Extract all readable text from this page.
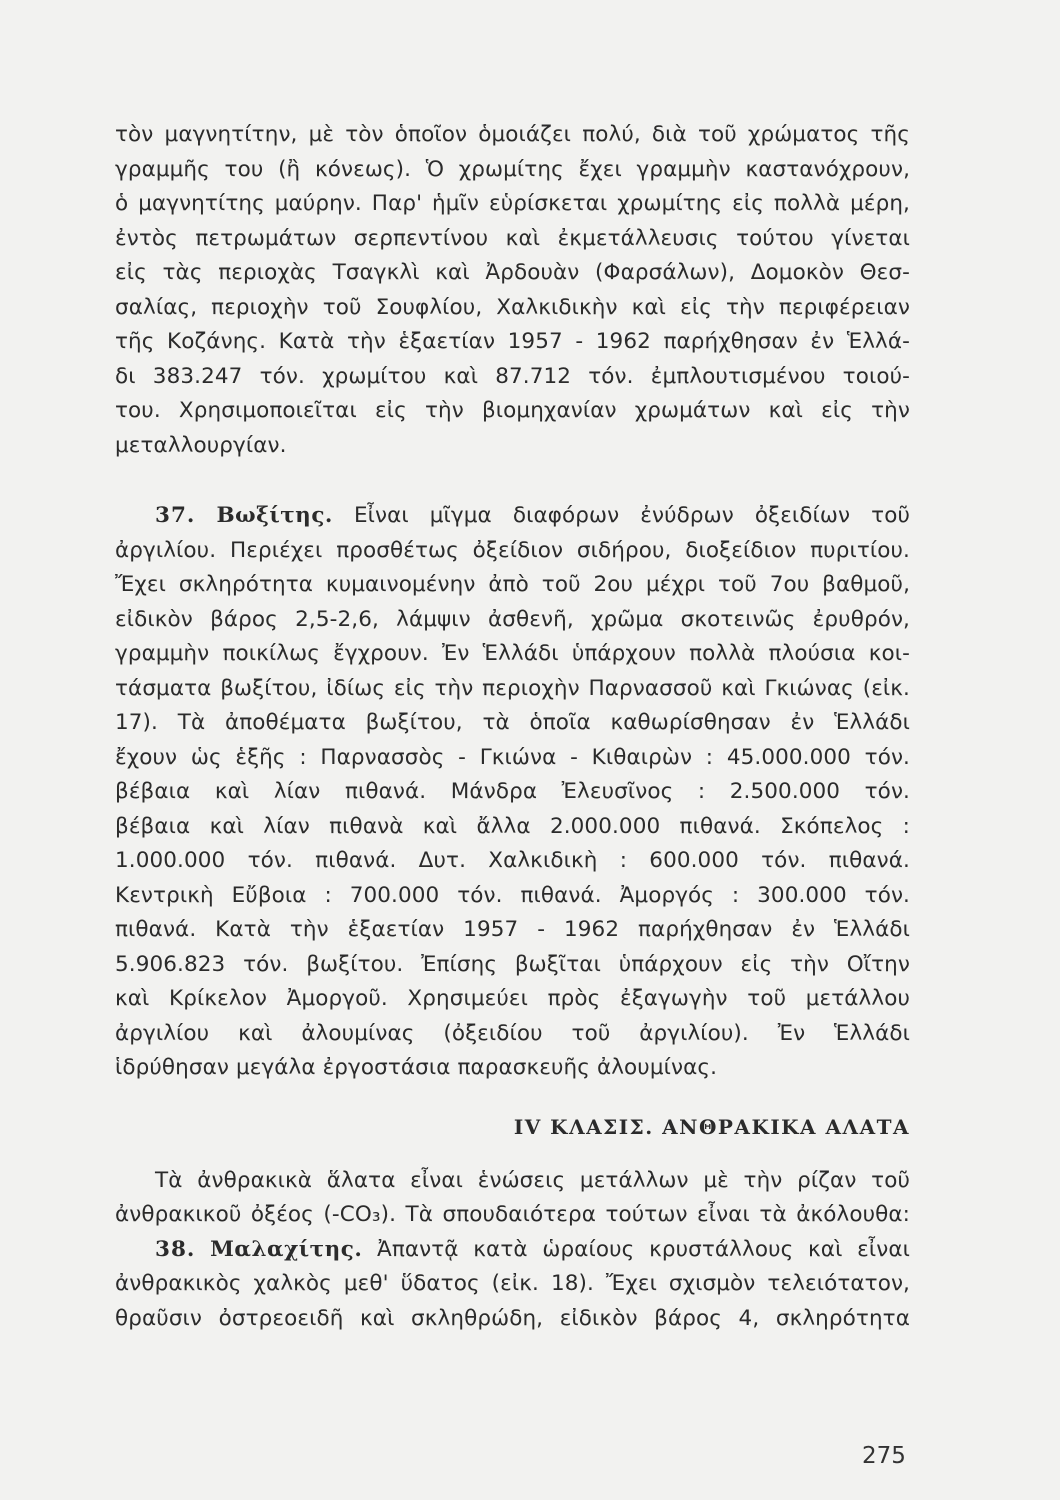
τὸν μαγνητίτην, μὲ τὸν ὁποῖον ὁμοιάζει πολύ, διὰ τοῦ χρώματος τῆς
γραμμῆς του (ἢ κόνεως). Ὁ χρωμίτης ἔχει γραμμὴν καστανόχρουν,
ὁ μαγνητίτης μαύρην. Παρ' ἡμῖν εὑρίσκεται χρωμίτης εἰς πολλὰ μέρη,
ἐντὸς πετρωμάτων σερπεντίνου καὶ ἐκμετάλλευσις τούτου γίνεται
εἰς τὰς περιοχὰς Τσαγκλὶ καὶ Ἀρδουὰν (Φαρσάλων), Δομοκὸν Θεσ-
σαλίας, περιοχὴν τοῦ Σουφλίου, Χαλκιδικὴν καὶ εἰς τὴν περιφέρειαν
τῆς Κοζάνης. Κατὰ τὴν ἑξαετίαν 1957 - 1962 παρήχθησαν ἐν Ἑλλά-
δι 383.247 τόν. χρωμίτου καὶ 87.712 τόν. ἐμπλουτισμένου τοιού-
του. Χρησιμοποιεῖται εἰς τὴν βιομηχανίαν χρωμάτων καὶ εἰς τὴν
μεταλλουργίαν.
37. Βωξίτης. Εἶναι μῖγμα διαφόρων ἐνύδρων ὀξειδίων τοῦ
ἀργιλίου. Περιέχει προσθέτως ὀξείδιον σιδήρου, διοξείδιον πυριτίου.
Ἔχει σκληρότητα κυμαινομένην ἀπὸ τοῦ 2ου μέχρι τοῦ 7ου βαθμοῦ,
εἰδικὸν βάρος 2,5-2,6, λάμψιν ἀσθενῆ, χρῶμα σκοτεινῶς ἐρυθρόν,
γραμμὴν ποικίλως ἔγχρουν. Ἐν Ἑλλάδι ὑπάρχουν πολλὰ πλούσια κοι-
τάσματα βωξίτου, ἰδίως εἰς τὴν περιοχὴν Παρνασσοῦ καὶ Γκιώνας (εἰκ.
17). Τὰ ἀποθέματα βωξίτου, τὰ ὁποῖα καθωρίσθησαν ἐν Ἑλλάδι
ἔχουν ὡς ἑξῆς : Παρνασσὸς - Γκιώνα - Κιθαιρὼν : 45.000.000 τόν.
βέβαια καὶ λίαν πιθανά. Μάνδρα Ἐλευσῖνος : 2.500.000 τόν.
βέβαια καὶ λίαν πιθανὰ καὶ ἄλλα 2.000.000 πιθανά. Σκόπελος :
1.000.000 τόν. πιθανά. Δυτ. Χαλκιδικὴ : 600.000 τόν. πιθανά.
Κεντρικὴ Εὔβοια : 700.000 τόν. πιθανά. Ἀμοργός : 300.000 τόν.
πιθανά. Κατὰ τὴν ἑξαετίαν 1957 - 1962 παρήχθησαν ἐν Ἑλλάδι
5.906.823 τόν. βωξίτου. Ἐπίσης βωξῖται ὑπάρχουν εἰς τὴν Οἴτην
καὶ Κρίκελον Ἀμοργοῦ. Χρησιμεύει πρὸς ἐξαγωγὴν τοῦ μετάλλου
ἀργιλίου καὶ ἀλουμίνας (ὀξειδίου τοῦ ἀργιλίου). Ἐν Ἑλλάδι
ἱδρύθησαν μεγάλα ἐργοστάσια παρασκευῆς ἀλουμίνας.
IV ΚΛΑΣΙΣ. ΑΝΘΡΑΚΙΚΑ ΑΛΑΤΑ
Τὰ ἀνθρακικὰ ἅλατα εἶναι ἑνώσεις μετάλλων μὲ τὴν ρίζαν τοῦ
ἀνθρακικοῦ ὀξέος (-CO₃). Τὰ σπουδαιότερα τούτων εἶναι τὰ ἀκόλουθα:
38. Μαλαχίτης. Ἀπαντᾷ κατὰ ὡραίους κρυστάλλους καὶ εἶναι
ἀνθρακικὸς χαλκὸς μεθ' ὕδατος (εἰκ. 18). Ἔχει σχισμὸν τελειότατον,
θραῦσιν ὀστρεοειδῆ καὶ σκληθρώδη, εἰδικὸν βάρος 4, σκληρότητα
275
